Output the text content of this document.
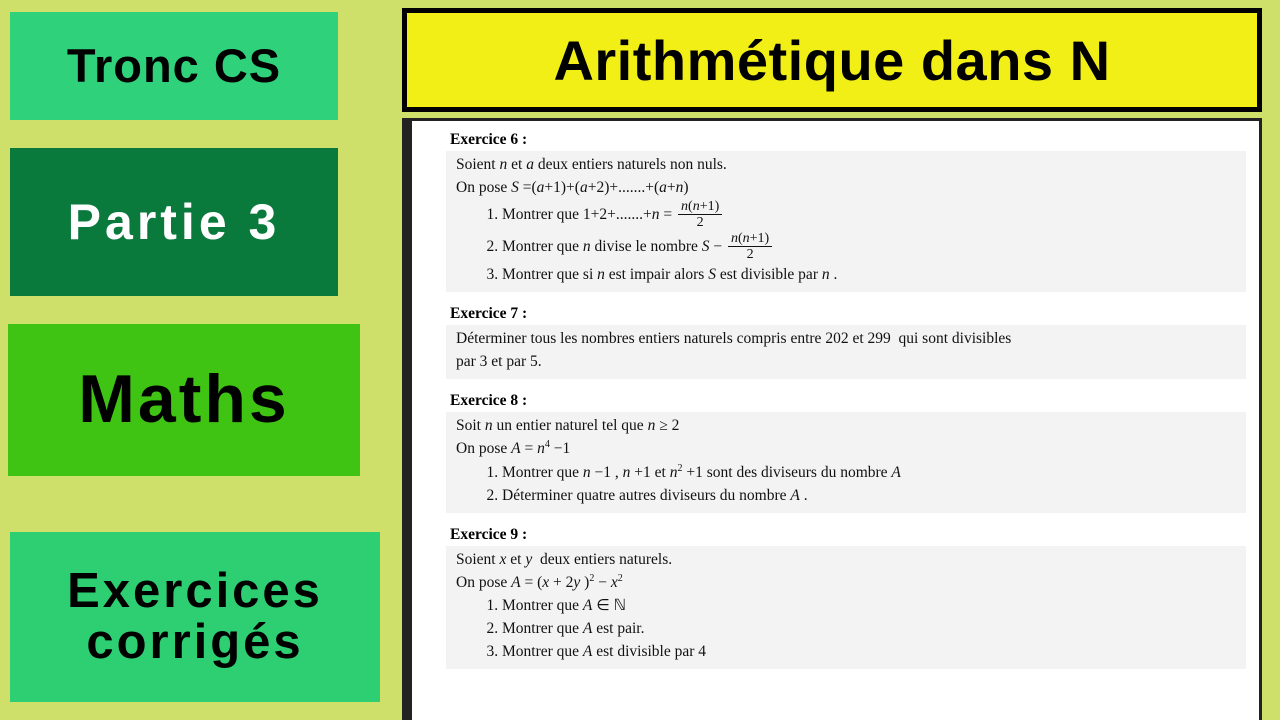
Tronc CS
Partie 3
Maths
Exercices
corrigés
Arithmétique dans N
Exercice 6 :

Soient n et a deux entiers naturels non nuls.

On pose S =(a+1)+(a+2)+.......+(a+n)

1. Montrer que $1+2+.......+n = \frac{n(n+1)}{2}$
2. Montrer que n divise le nombre $S - \frac{n(n+1)}{2}$
3. Montrer que si n est impair alors S est divisible par n .
Exercice 7 :

Déterminer tous les nombres entiers naturels compris entre 202 et 299  qui sont divisibles

par 3 et par 5.

Exercice 8 :

Soit n un entier naturel tel que n ≥ 2

On pose $A = n^4 -1$

1. Montrer que n −1 , n +1 et $n^2 +1$ sont des diviseurs du nombre A
2. Déterminer quatre autres diviseurs du nombre A .
Exercice 9 :

Soient x et y  deux entiers naturels.

On pose A = (x + 2y )$^2 - x^2$

1. Montrer que A ∈ ℕ
2. Montrer que A est pair.
3. Montrer que A est divisible par 4
